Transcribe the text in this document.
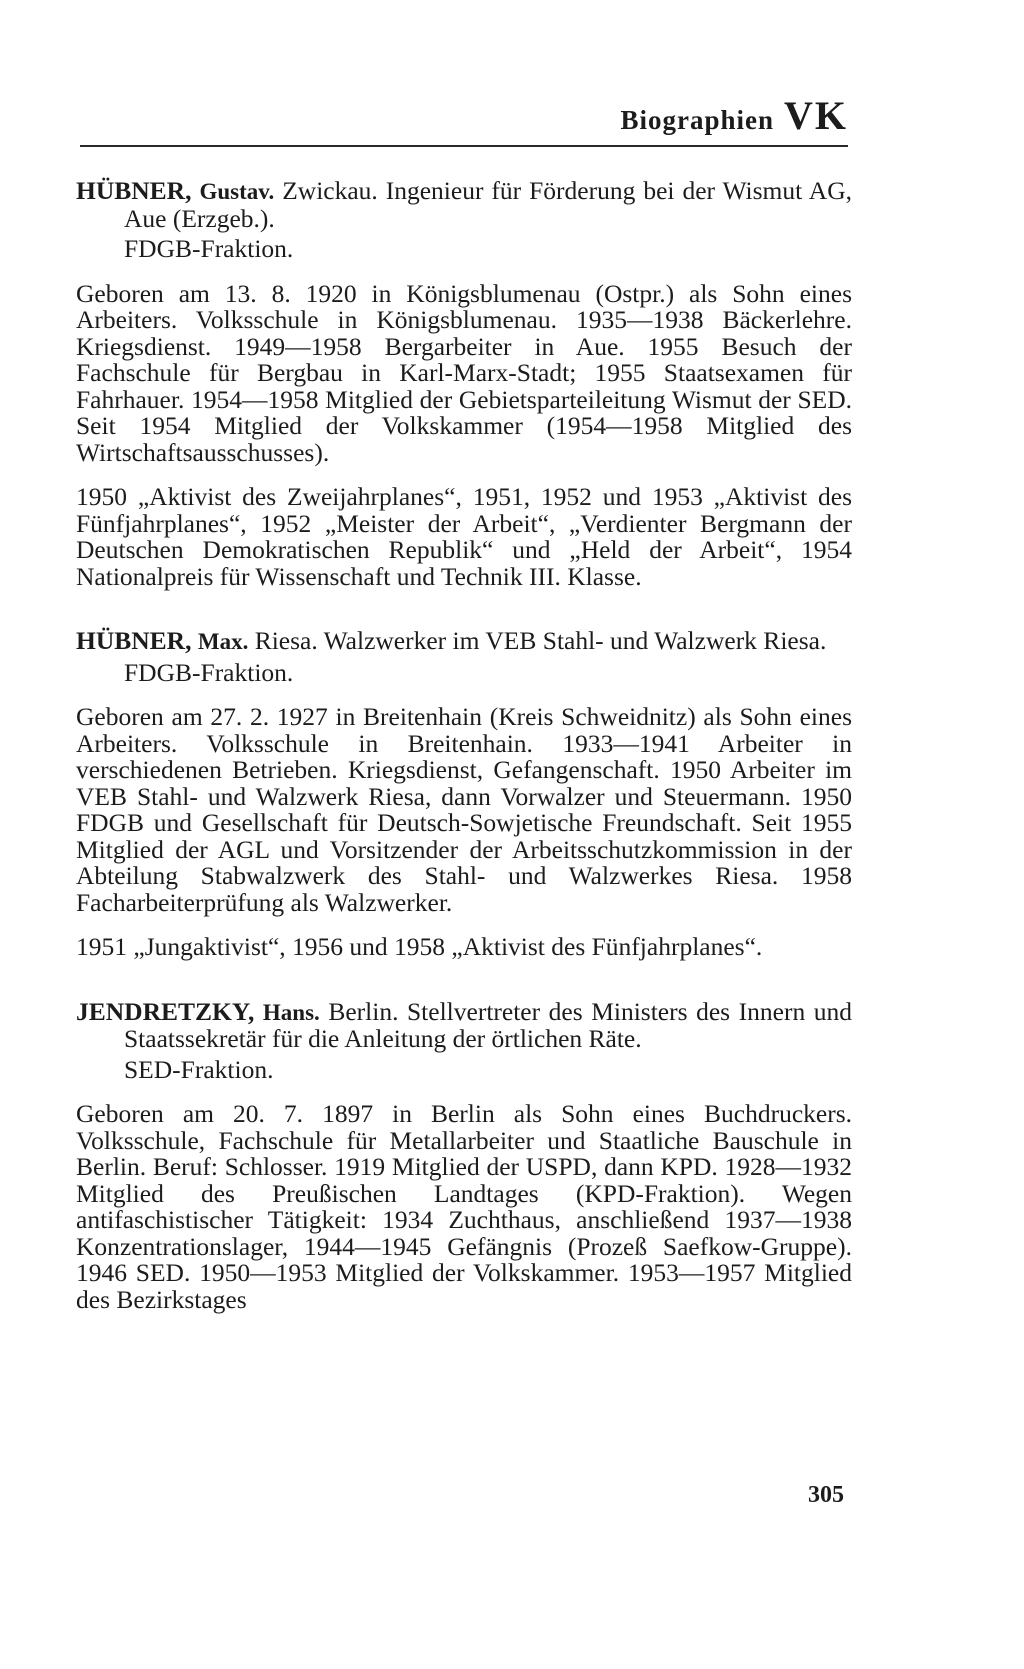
Biographien VK

HÜBNER, Gustav. Zwickau. Ingenieur für Förderung bei der Wismut AG, Aue (Erzgeb.).

FDGB-Fraktion.

Geboren am 13. 8. 1920 in Königsblumenau (Ostpr.) als Sohn eines Arbeiters. Volksschule in Königsblumenau. 1935—1938 Bäckerlehre. Kriegsdienst. 1949—1958 Bergarbeiter in Aue. 1955 Besuch der Fachschule für Bergbau in Karl-Marx-Stadt; 1955 Staatsexamen für Fahrhauer. 1954—1958 Mitglied der Gebietsparteileitung Wismut der SED. Seit 1954 Mitglied der Volkskammer (1954—1958 Mitglied des Wirtschaftsausschusses).

1950 „Aktivist des Zweijahrplanes“, 1951, 1952 und 1953 „Aktivist des Fünfjahrplanes“, 1952 „Meister der Arbeit“, „Verdienter Bergmann der Deutschen Demokratischen Republik“ und „Held der Arbeit“, 1954 Nationalpreis für Wissenschaft und Technik III. Klasse.

HÜBNER, Max. Riesa. Walzwerker im VEB Stahl- und Walzwerk Riesa.

FDGB-Fraktion.

Geboren am 27. 2. 1927 in Breitenhain (Kreis Schweidnitz) als Sohn eines Arbeiters. Volksschule in Breitenhain. 1933—1941 Arbeiter in verschiedenen Betrieben. Kriegsdienst, Gefangenschaft. 1950 Arbeiter im VEB Stahl- und Walzwerk Riesa, dann Vorwalzer und Steuermann. 1950 FDGB und Gesellschaft für Deutsch-Sowjetische Freundschaft. Seit 1955 Mitglied der AGL und Vorsitzender der Arbeitsschutzkommission in der Abteilung Stabwalzwerk des Stahl- und Walzwerkes Riesa. 1958 Facharbeiterprüfung als Walzwerker.

1951 „Jungaktivist“, 1956 und 1958 „Aktivist des Fünfjahrplanes“.

JENDRETZKY, Hans. Berlin. Stellvertreter des Ministers des Innern und Staatssekretär für die Anleitung der örtlichen Räte.

SED-Fraktion.

Geboren am 20. 7. 1897 in Berlin als Sohn eines Buchdruckers. Volksschule, Fachschule für Metallarbeiter und Staatliche Bauschule in Berlin. Beruf: Schlosser. 1919 Mitglied der USPD, dann KPD. 1928—1932 Mitglied des Preußischen Landtages (KPD-Fraktion). Wegen antifaschistischer Tätigkeit: 1934 Zuchthaus, anschließend 1937—1938 Konzentrationslager, 1944—1945 Gefängnis (Prozeß Saefkow-Gruppe). 1946 SED. 1950—1953 Mitglied der Volkskammer. 1953—1957 Mitglied des Bezirkstages

305
